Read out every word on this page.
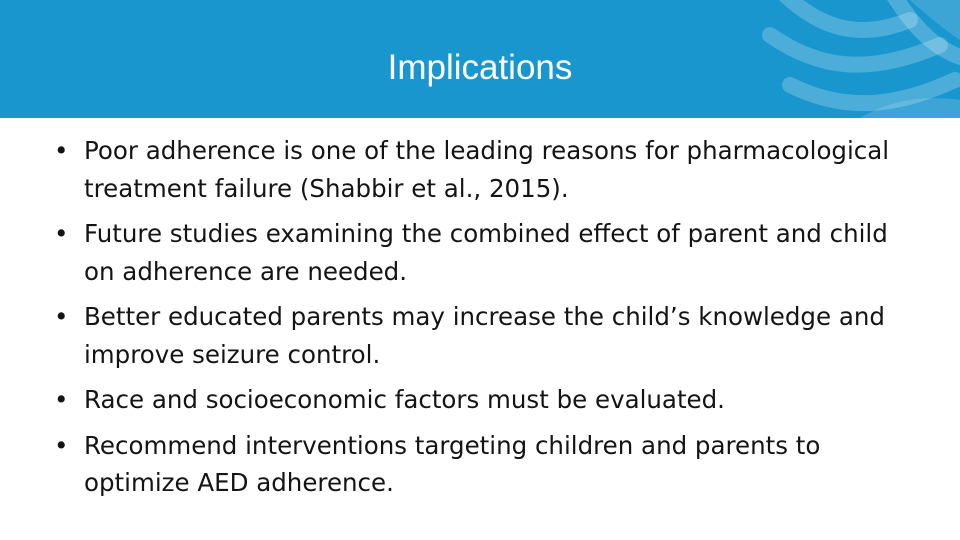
Implications
• Poor adherence is one of the leading reasons for pharmacological treatment failure (Shabbir et al., 2015).
• Future studies examining the combined effect of parent and child on adherence are needed.
• Better educated parents may increase the child’s knowledge and improve seizure control.
• Race and socioeconomic factors must be evaluated.
• Recommend interventions targeting children and parents to optimize AED adherence.
